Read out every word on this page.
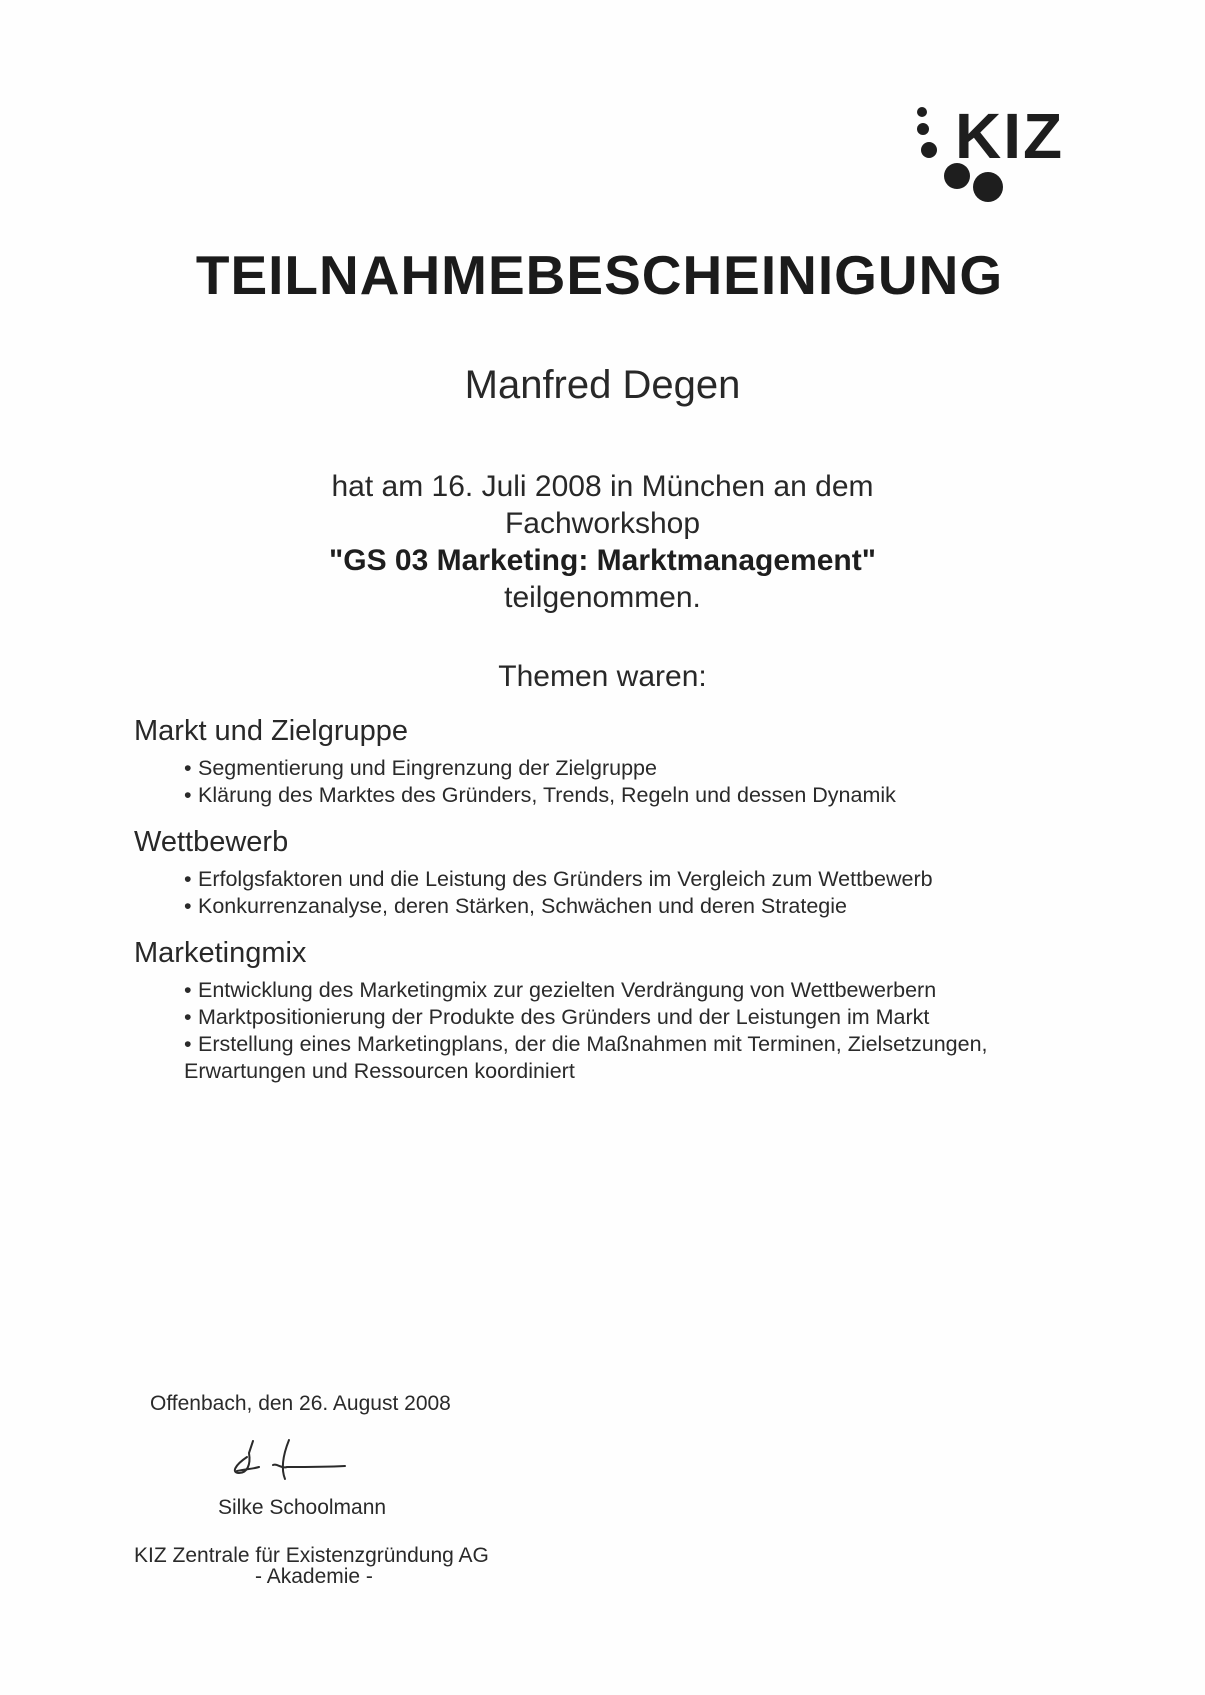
KIZ
TEILNAHMEBESCHEINIGUNG
Manfred Degen
hat am 16. Juli 2008 in München an dem
Fachworkshop
"GS 03 Marketing: Marktmanagement"
teilgenommen.
Themen waren:
Markt und Zielgruppe
• Segmentierung und Eingrenzung der Zielgruppe
• Klärung des Marktes des Gründers, Trends, Regeln und dessen Dynamik
Wettbewerb
• Erfolgsfaktoren und die Leistung des Gründers im Vergleich zum Wettbewerb
• Konkurrenzanalyse, deren Stärken, Schwächen und deren Strategie
Marketingmix
• Entwicklung des Marketingmix zur gezielten Verdrängung von Wettbewerbern
• Marktpositionierung der Produkte des Gründers und der Leistungen im Markt
• Erstellung eines Marketingplans, der die Maßnahmen mit Terminen, Zielsetzungen,
Erwartungen und Ressourcen koordiniert
Offenbach, den 26. August 2008
Silke Schoolmann
KIZ Zentrale für Existenzgründung AG
- Akademie -
